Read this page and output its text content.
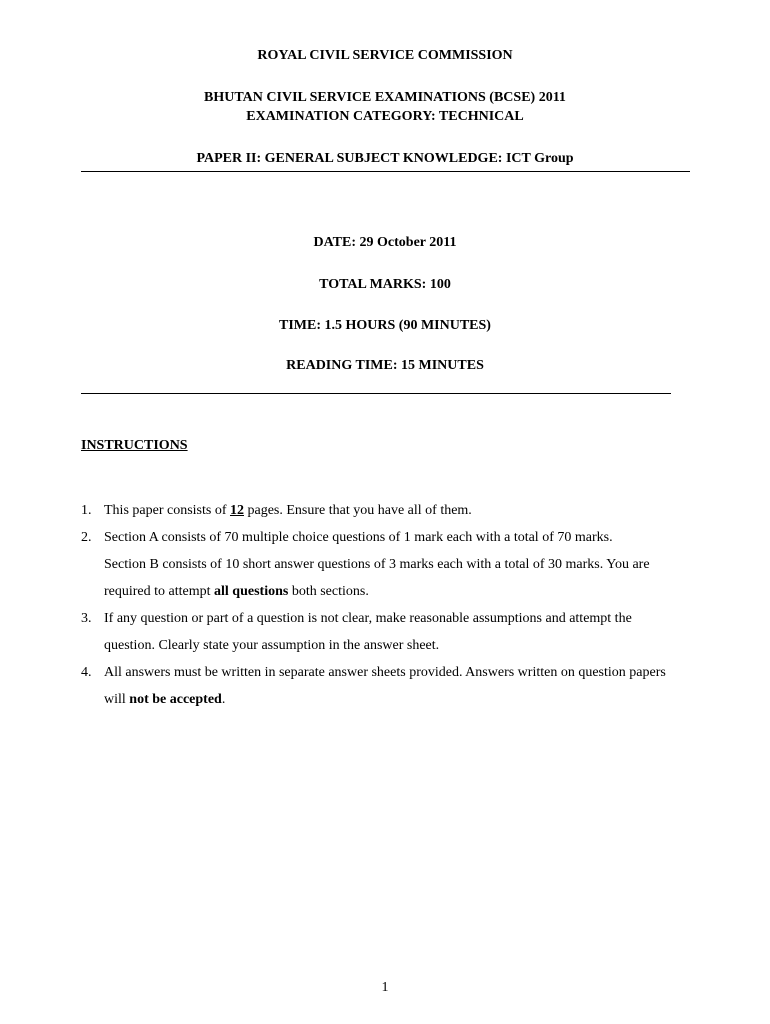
ROYAL CIVIL SERVICE COMMISSION
BHUTAN CIVIL SERVICE EXAMINATIONS (BCSE) 2011
EXAMINATION CATEGORY: TECHNICAL
PAPER II: GENERAL SUBJECT KNOWLEDGE: ICT Group
DATE: 29 October 2011
TOTAL MARKS: 100
TIME: 1.5 HOURS (90 MINUTES)
READING TIME: 15 MINUTES
INSTRUCTIONS
1. This paper consists of 12 pages. Ensure that you have all of them.
2. Section A consists of 70 multiple choice questions of 1 mark each with a total of 70 marks.
Section B consists of 10 short answer questions of 3 marks each with a total of 30 marks. You are required to attempt all questions both sections.
3. If any question or part of a question is not clear, make reasonable assumptions and attempt the question. Clearly state your assumption in the answer sheet.
4. All answers must be written in separate answer sheets provided. Answers written on question papers will not be accepted.
1
